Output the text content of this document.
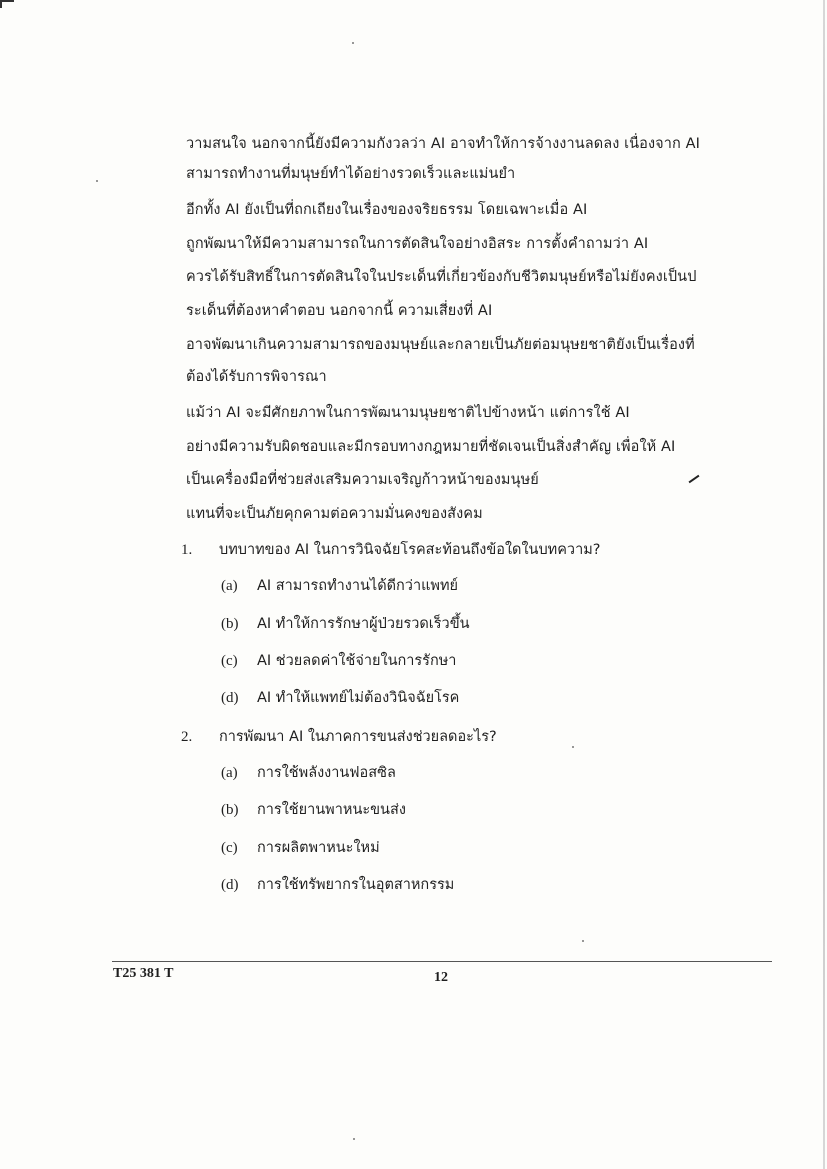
วามสนใจ นอกจากนี้ยังมีความกังวลว่า AI อาจทำให้การจ้างงานลดลง เนื่องจาก AI
สามารถทำงานที่มนุษย์ทำได้อย่างรวดเร็วและแม่นยำ
อีกทั้ง AI ยังเป็นที่ถกเถียงในเรื่องของจริยธรรม โดยเฉพาะเมื่อ AI
ถูกพัฒนาให้มีความสามารถในการตัดสินใจอย่างอิสระ การตั้งคำถามว่า AI
ควรได้รับสิทธิ์ในการตัดสินใจในประเด็นที่เกี่ยวข้องกับชีวิตมนุษย์หรือไม่ยังคงเป็นป
ระเด็นที่ต้องหาคำตอบ นอกจากนี้ ความเสี่ยงที่ AI
อาจพัฒนาเกินความสามารถของมนุษย์และกลายเป็นภัยต่อมนุษยชาติยังเป็นเรื่องที่
ต้องได้รับการพิจารณา
แม้ว่า AI จะมีศักยภาพในการพัฒนามนุษยชาติไปข้างหน้า แต่การใช้ AI
อย่างมีความรับผิดชอบและมีกรอบทางกฎหมายที่ชัดเจนเป็นสิ่งสำคัญ เพื่อให้ AI
เป็นเครื่องมือที่ช่วยส่งเสริมความเจริญก้าวหน้าของมนุษย์
แทนที่จะเป็นภัยคุกคามต่อความมั่นคงของสังคม
1. บทบาทของ AI ในการวินิจฉัยโรคสะท้อนถึงข้อใดในบทความ?
(a) AI สามารถทำงานได้ดีกว่าแพทย์
(b) AI ทำให้การรักษาผู้ป่วยรวดเร็วขึ้น
(c) AI ช่วยลดค่าใช้จ่ายในการรักษา
(d) AI ทำให้แพทย์ไม่ต้องวินิจฉัยโรค
2. การพัฒนา AI ในภาคการขนส่งช่วยลดอะไร?
(a) การใช้พลังงานฟอสซิล
(b) การใช้ยานพาหนะขนส่ง
(c) การผลิตพาหนะใหม่
(d) การใช้ทรัพยากรในอุตสาหกรรม
T25 381 T	12
